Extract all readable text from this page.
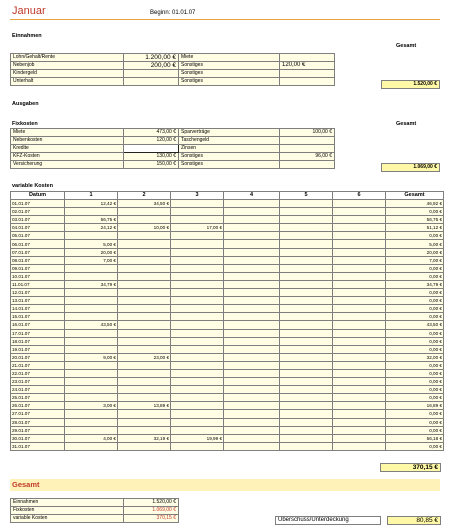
Januar	Beginn: 01.01.07
Einnahmen
Gesamt
Lohn/Gehalt/Rente	1.200,00 €	Miete	
Nebenjob	200,00 €	Sonstiges	120,00 €
Kindergeld		Sonstiges	
Unterhalt		Sonstiges		1.520,00 €
Ausgaben
Fixkosten	Gesamt
Miete	473,00 €	Sparverträge	100,00 €
Nebenkosten	120,00 €	Taschengeld	
Kredite		Zinsen	
KFZ-Kosten	130,00 €	Sonstiges	96,00 €
Versicherung	150,00 €	Sonstiges		1.069,00 €
variable Kosten
Datum	1	2	3	4	5	6	Gesamt
01.01.07	12,42 €	34,50 €					46,92 €
02.01.07							0,00 €
03.01.07	56,75 €						56,75 €
04.01.07	24,12 €	10,00 €	17,00 €				51,12 €
05.01.07							0,00 €
06.01.07	5,00 €						5,00 €
07.01.07	20,00 €						20,00 €
08.01.07	7,00 €						7,00 €
09.01.07							0,00 €
10.01.07							0,00 €
11.01.07	34,79 €						34,79 €
12.01.07							0,00 €
13.01.07							0,00 €
14.01.07							0,00 €
15.01.07							0,00 €
16.01.07	43,50 €						43,50 €
17.01.07							0,00 €
18.01.07							0,00 €
19.01.07							0,00 €
20.01.07	9,00 €	23,00 €					32,00 €
21.01.07							0,00 €
22.01.07							0,00 €
23.01.07							0,00 €
24.01.07							0,00 €
25.01.07							0,00 €
26.01.07	3,00 €	13,89 €					16,89 €
27.01.07							0,00 €
28.01.07							0,00 €
29.01.07							0,00 €
30.01.07	4,00 €	32,19 €	19,99 €				56,18 €
31.01.07							0,00 €
370,15 €
Gesamt
Einnahmen	1.520,00 €
Fixkosten	1.069,00 €
variable Kosten	370,15 €	Überschuss/Unterdeckung		80,85 €
